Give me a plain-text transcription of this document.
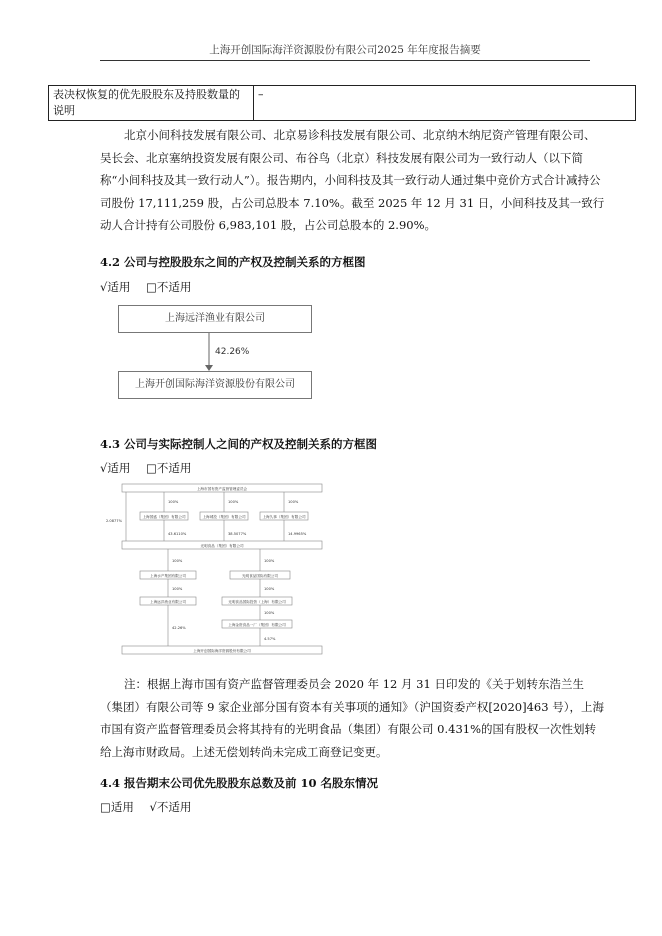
上海开创国际海洋资源股份有限公司2025 年年度报告摘要
表决权恢复的优先股股东及持股数量的说明	–

北京小间科技发展有限公司、北京易诊科技发展有限公司、北京纳木纳尼资产管理有限公司、吴长会、北京塞纳投资发展有限公司、布谷鸟（北京）科技发展有限公司为一致行动人（以下简称“小间科技及其一致行动人”）。报告期内，小间科技及其一致行动人通过集中竞价方式合计减持公司股份 17,111,259 股，占公司总股本 7.10%。截至 2025 年 12 月 31 日，小间科技及其一致行动人合计持有公司股份 6,983,101 股，占公司总股本的 2.90%。

4.2 公司与控股股东之间的产权及控制关系的方框图
√适用 □不适用
上海远洋渔业有限公司
42.26%
上海开创国际海洋资源股份有限公司
4.3 公司与实际控制人之间的产权及控制关系的方框图
√适用 □不适用
上海市国有资产监督管理委员会
上海国盛（集团）有限公司	上海城投（集团）有限公司	上海久事（集团）有限公司
光明食品（集团）有限公司
上海水产集团有限公司	光明食品国际有限公司
上海远洋渔业有限公司	光明食品国际投资（上海）有限公司
上海金资食品一厂（集团）有限公司
上海开创国际海洋资源股份有限公司
100%	100%	100%
2.0877%
43.6110%	38.5077%	14.9965%
100%	100%
100%	100%
100%
42.26%
4.57%

注：根据上海市国有资产监督管理委员会 2020 年 12 月 31 日印发的《关于划转东浩兰生（集团）有限公司等 9 家企业部分国有资本有关事项的通知》（沪国资委产权[2020]463 号），上海市国有资产监督管理委员会将其持有的光明食品（集团）有限公司 0.431%的国有股权一次性划转给上海市财政局。上述无偿划转尚未完成工商登记变更。

4.4 报告期末公司优先股股东总数及前 10 名股东情况
□适用 √不适用
